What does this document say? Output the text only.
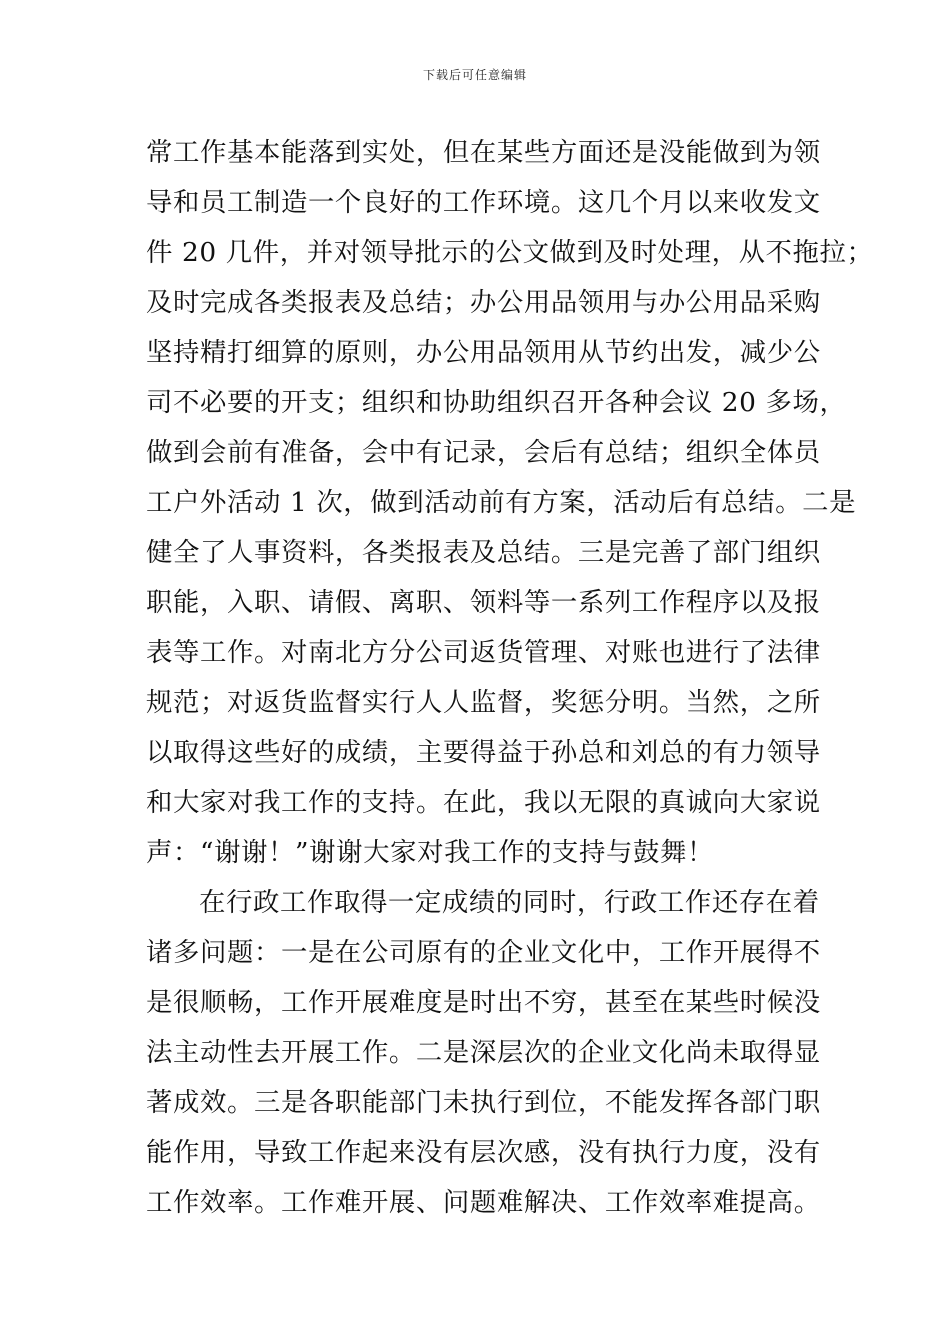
下载后可任意编辑
常工作基本能落到实处，但在某些方面还是没能做到为领
导和员工制造一个良好的工作环境。这几个月以来收发文
件 20 几件，并对领导批示的公文做到及时处理，从不拖拉；
及时完成各类报表及总结；办公用品领用与办公用品采购
坚持精打细算的原则，办公用品领用从节约出发，减少公
司不必要的开支；组织和协助组织召开各种会议 20 多场，
做到会前有准备，会中有记录，会后有总结；组织全体员
工户外活动 1 次，做到活动前有方案，活动后有总结。二是
健全了人事资料，各类报表及总结。三是完善了部门组织
职能，入职、请假、离职、领料等一系列工作程序以及报
表等工作。对南北方分公司返货管理、对账也进行了法律
规范；对返货监督实行人人监督，奖惩分明。当然，之所
以取得这些好的成绩，主要得益于孙总和刘总的有力领导
和大家对我工作的支持。在此，我以无限的真诚向大家说
声：“谢谢！”谢谢大家对我工作的支持与鼓舞！
在行政工作取得一定成绩的同时，行政工作还存在着
诸多问题：一是在公司原有的企业文化中，工作开展得不
是很顺畅，工作开展难度是时出不穷，甚至在某些时候没
法主动性去开展工作。二是深层次的企业文化尚未取得显
著成效。三是各职能部门未执行到位，不能发挥各部门职
能作用，导致工作起来没有层次感，没有执行力度，没有
工作效率。工作难开展、问题难解决、工作效率难提高。
